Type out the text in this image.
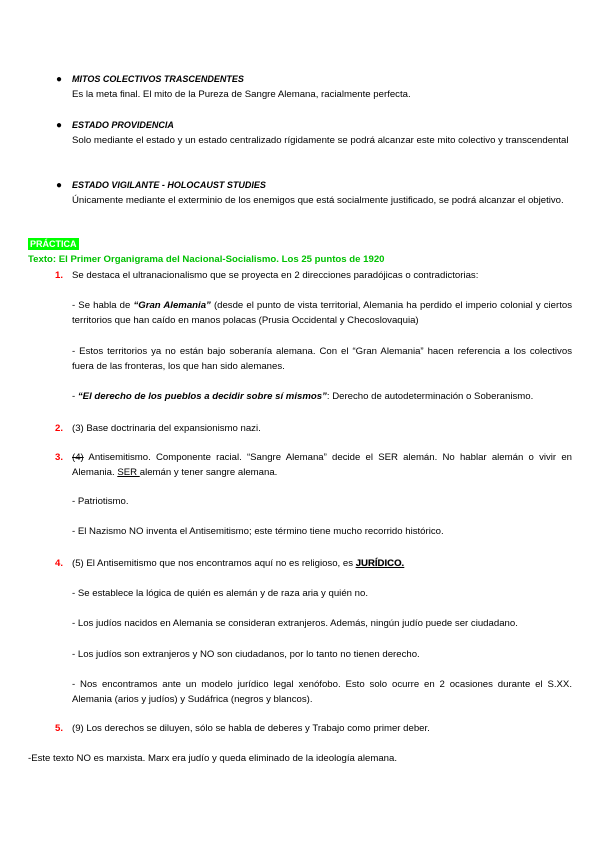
● MITOS COLECTIVOS TRASCENDENTES
Es la meta final. El mito de la Pureza de Sangre Alemana, racialmente perfecta.
● ESTADO PROVIDENCIA
Solo mediante el estado y un estado centralizado rígidamente se podrá alcanzar este mito colectivo y transcendental
● ESTADO VIGILANTE - HOLOCAUST STUDIES
Únicamente mediante el exterminio de los enemigos que está socialmente justificado, se podrá alcanzar el objetivo.
PRÁCTICA
Texto: El Primer Organigrama del Nacional-Socialismo. Los 25 puntos de 1920
1. Se destaca el ultranacionalismo que se proyecta en 2 direcciones paradójicas o contradictorias:
- Se habla de “Gran Alemania” (desde el punto de vista territorial, Alemania ha perdido el imperio colonial y ciertos territorios que han caído en manos polacas (Prusia Occidental y Checoslovaquia)
- Estos territorios ya no están bajo soberanía alemana. Con el “Gran Alemania” hacen referencia a los colectivos fuera de las fronteras, los que han sido alemanes.
- “El derecho de los pueblos a decidir sobre sí mismos”: Derecho de autodeterminación o Soberanismo.
2. (3) Base doctrinaria del expansionismo nazi.
3. (4) Antisemitismo. Componente racial. “Sangre Alemana” decide el SER alemán. No hablar alemán o vivir en Alemania. SER alemán y tener sangre alemana.
- Patriotismo.
- El Nazismo NO inventa el Antisemitismo; este término tiene mucho recorrido histórico.
4. (5) El Antisemitismo que nos encontramos aquí no es religioso, es JURÍDICO.
- Se establece la lógica de quién es alemán y de raza aria y quién no.
- Los judíos nacidos en Alemania se consideran extranjeros. Además, ningún judío puede ser ciudadano.
- Los judíos son extranjeros y NO son ciudadanos, por lo tanto no tienen derecho.
- Nos encontramos ante un modelo jurídico legal xenófobo. Esto solo ocurre en 2 ocasiones durante el S.XX. Alemania (arios y judíos) y Sudáfrica (negros y blancos).
5. (9) Los derechos se diluyen, sólo se habla de deberes y Trabajo como primer deber.
-Este texto NO es marxista. Marx era judío y queda eliminado de la ideología alemana.
